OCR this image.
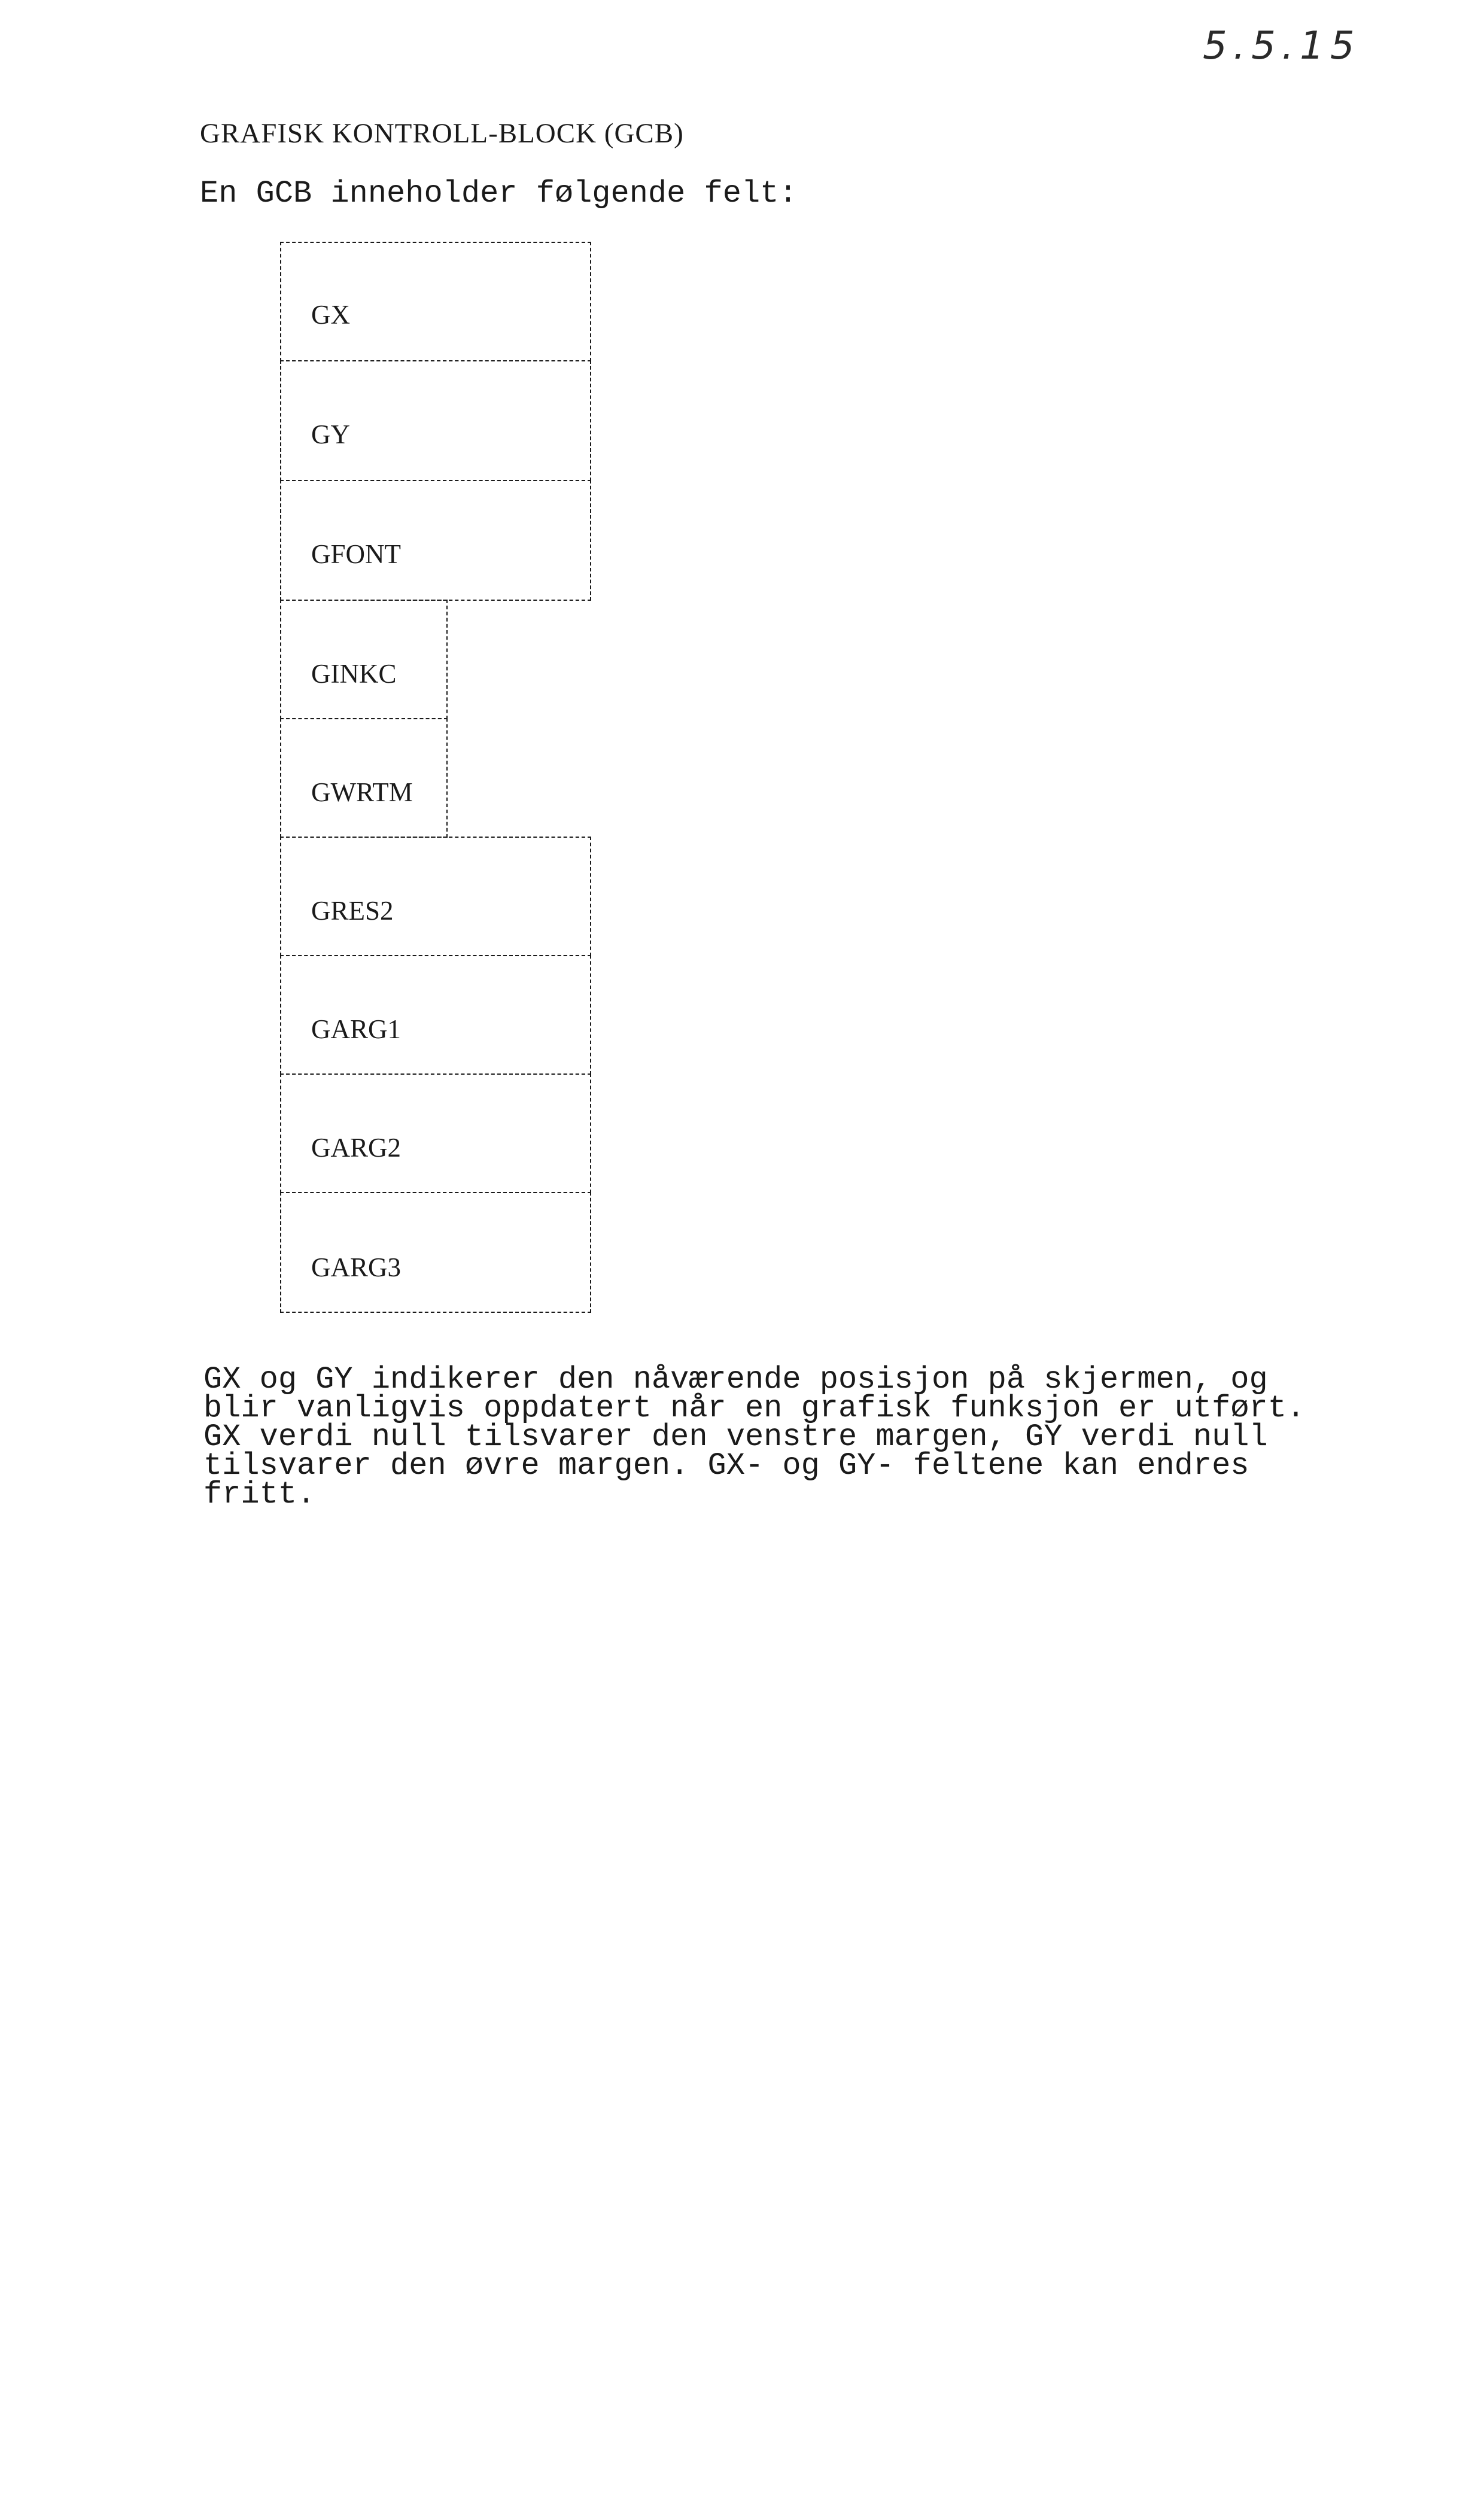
5.5.15
GRAFISK KONTROLL-BLOCK (GCB)
En GCB inneholder følgende felt:
GX
GY
GFONT
GINKC
GWRTM
GRES2
GARG1
GARG2
GARG3
GX og GY indikerer den nåværende posisjon på skjermen, og
blir vanligvis oppdatert når en grafisk funksjon er utført.
GX verdi null tilsvarer den venstre margen, GY verdi null
tilsvarer den øvre margen. GX- og GY- feltene kan endres
fritt.
